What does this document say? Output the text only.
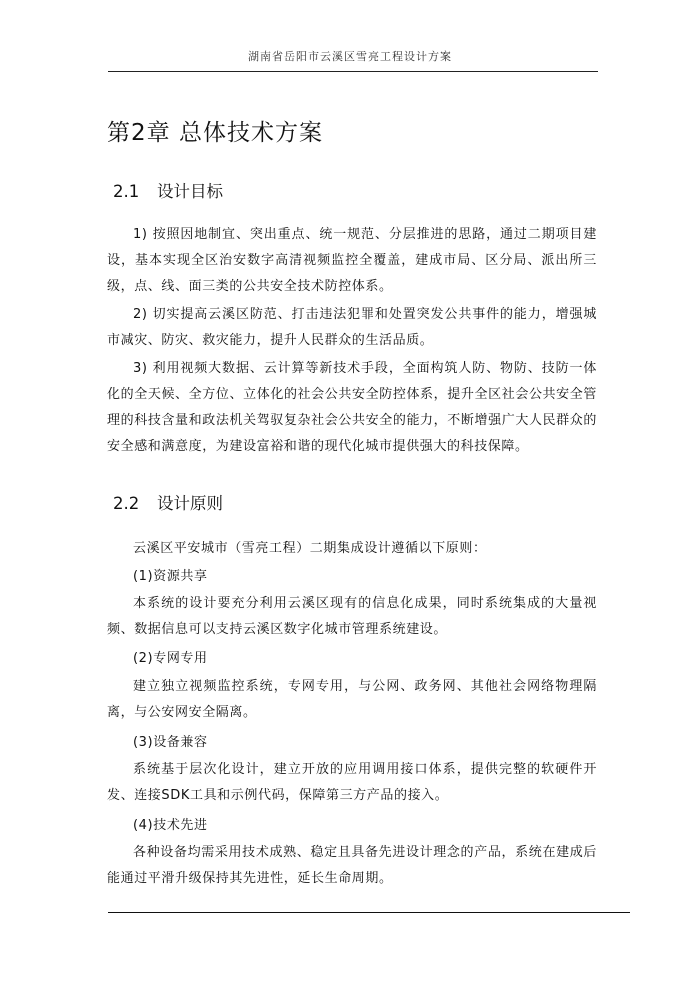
湖南省岳阳市云溪区雪亮工程设计方案
第2章 总体技术方案
2.1 设计目标

1) 按照因地制宜、突出重点、统一规范、分层推进的思路，通过二期项目建设，基本实现全区治安数字高清视频监控全覆盖，建成市局、区分局、派出所三级，点、线、面三类的公共安全技术防控体系。

2) 切实提高云溪区防范、打击违法犯罪和处置突发公共事件的能力，增强城市减灾、防灾、救灾能力，提升人民群众的生活品质。

3) 利用视频大数据、云计算等新技术手段，全面构筑人防、物防、技防一体化的全天候、全方位、立体化的社会公共安全防控体系，提升全区社会公共安全管理的科技含量和政法机关驾驭复杂社会公共安全的能力，不断增强广大人民群众的安全感和满意度，为建设富裕和谐的现代化城市提供强大的科技保障。

2.2 设计原则

云溪区平安城市（雪亮工程）二期集成设计遵循以下原则：

(1)资源共享

本系统的设计要充分利用云溪区现有的信息化成果，同时系统集成的大量视频、数据信息可以支持云溪区数字化城市管理系统建设。

(2)专网专用

建立独立视频监控系统，专网专用，与公网、政务网、其他社会网络物理隔离，与公安网安全隔离。

(3)设备兼容

系统基于层次化设计，建立开放的应用调用接口体系，提供完整的软硬件开发、连接SDK工具和示例代码，保障第三方产品的接入。

(4)技术先进

各种设备均需采用技术成熟、稳定且具备先进设计理念的产品，系统在建成后能通过平滑升级保持其先进性，延长生命周期。
